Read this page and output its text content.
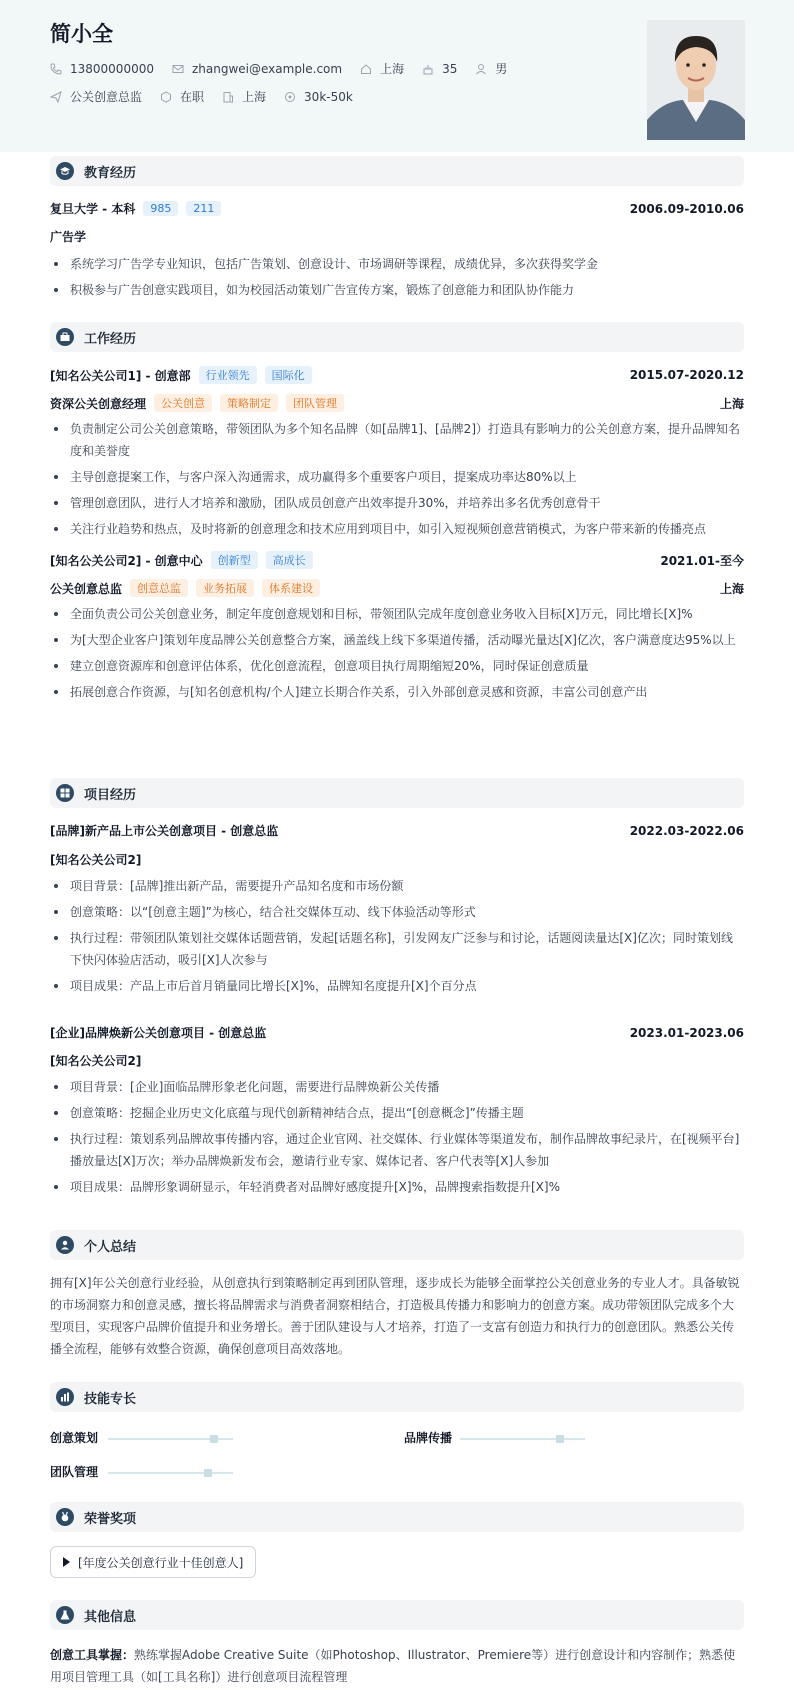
简小全
13800000000	zhangwei@example.com	上海	35	男
公关创意总监	在职	上海	30k-50k
教育经历
复旦大学 - 本科	985	211	2006.09-2010.06
广告学
系统学习广告学专业知识，包括广告策划、创意设计、市场调研等课程，成绩优异，多次获得奖学金
积极参与广告创意实践项目，如为校园活动策划广告宣传方案，锻炼了创意能力和团队协作能力
工作经历
[知名公关公司1] - 创意部	行业领先	国际化	2015.07-2020.12
资深公关创意经理	公关创意	策略制定	团队管理	上海
负责制定公司公关创意策略，带领团队为多个知名品牌（如[品牌1]、[品牌2]）打造具有影响力的公关创意方案，提升品牌知名度和美誉度
主导创意提案工作，与客户深入沟通需求，成功赢得多个重要客户项目，提案成功率达80%以上
管理创意团队，进行人才培养和激励，团队成员创意产出效率提升30%，并培养出多名优秀创意骨干
关注行业趋势和热点，及时将新的创意理念和技术应用到项目中，如引入短视频创意营销模式，为客户带来新的传播亮点
[知名公关公司2] - 创意中心	创新型	高成长	2021.01-至今
公关创意总监	创意总监	业务拓展	体系建设	上海
全面负责公司公关创意业务，制定年度创意规划和目标，带领团队完成年度创意业务收入目标[X]万元，同比增长[X]%
为[大型企业客户]策划年度品牌公关创意整合方案，涵盖线上线下多渠道传播，活动曝光量达[X]亿次，客户满意度达95%以上
建立创意资源库和创意评估体系，优化创意流程，创意项目执行周期缩短20%，同时保证创意质量
拓展创意合作资源，与[知名创意机构/个人]建立长期合作关系，引入外部创意灵感和资源，丰富公司创意产出
项目经历
[品牌]新产品上市公关创意项目 - 创意总监	2022.03-2022.06
[知名公关公司2]
项目背景：[品牌]推出新产品，需要提升产品知名度和市场份额
创意策略：以“[创意主题]”为核心，结合社交媒体互动、线下体验活动等形式
执行过程：带领团队策划社交媒体话题营销，发起[话题名称]，引发网友广泛参与和讨论，话题阅读量达[X]亿次；同时策划线下快闪体验店活动，吸引[X]人次参与
项目成果：产品上市后首月销量同比增长[X]%，品牌知名度提升[X]个百分点
[企业]品牌焕新公关创意项目 - 创意总监	2023.01-2023.06
[知名公关公司2]
项目背景：[企业]面临品牌形象老化问题，需要进行品牌焕新公关传播
创意策略：挖掘企业历史文化底蕴与现代创新精神结合点，提出“[创意概念]”传播主题
执行过程：策划系列品牌故事传播内容，通过企业官网、社交媒体、行业媒体等渠道发布，制作品牌故事纪录片，在[视频平台]播放量达[X]万次；举办品牌焕新发布会，邀请行业专家、媒体记者、客户代表等[X]人参加
项目成果：品牌形象调研显示，年轻消费者对品牌好感度提升[X]%，品牌搜索指数提升[X]%
个人总结
拥有[X]年公关创意行业经验，从创意执行到策略制定再到团队管理，逐步成长为能够全面掌控公关创意业务的专业人才。具备敏锐的市场洞察力和创意灵感，擅长将品牌需求与消费者洞察相结合，打造极具传播力和影响力的创意方案。成功带领团队完成多个大型项目，实现客户品牌价值提升和业务增长。善于团队建设与人才培养，打造了一支富有创造力和执行力的创意团队。熟悉公关传播全流程，能够有效整合资源，确保创意项目高效落地。
技能专长
创意策划	品牌传播
团队管理
荣誉奖项
[年度公关创意行业十佳创意人]
其他信息
创意工具掌握：熟练掌握Adobe Creative Suite（如Photoshop、Illustrator、Premiere等）进行创意设计和内容制作；熟悉使用项目管理工具（如[工具名称]）进行创意项目流程管理
